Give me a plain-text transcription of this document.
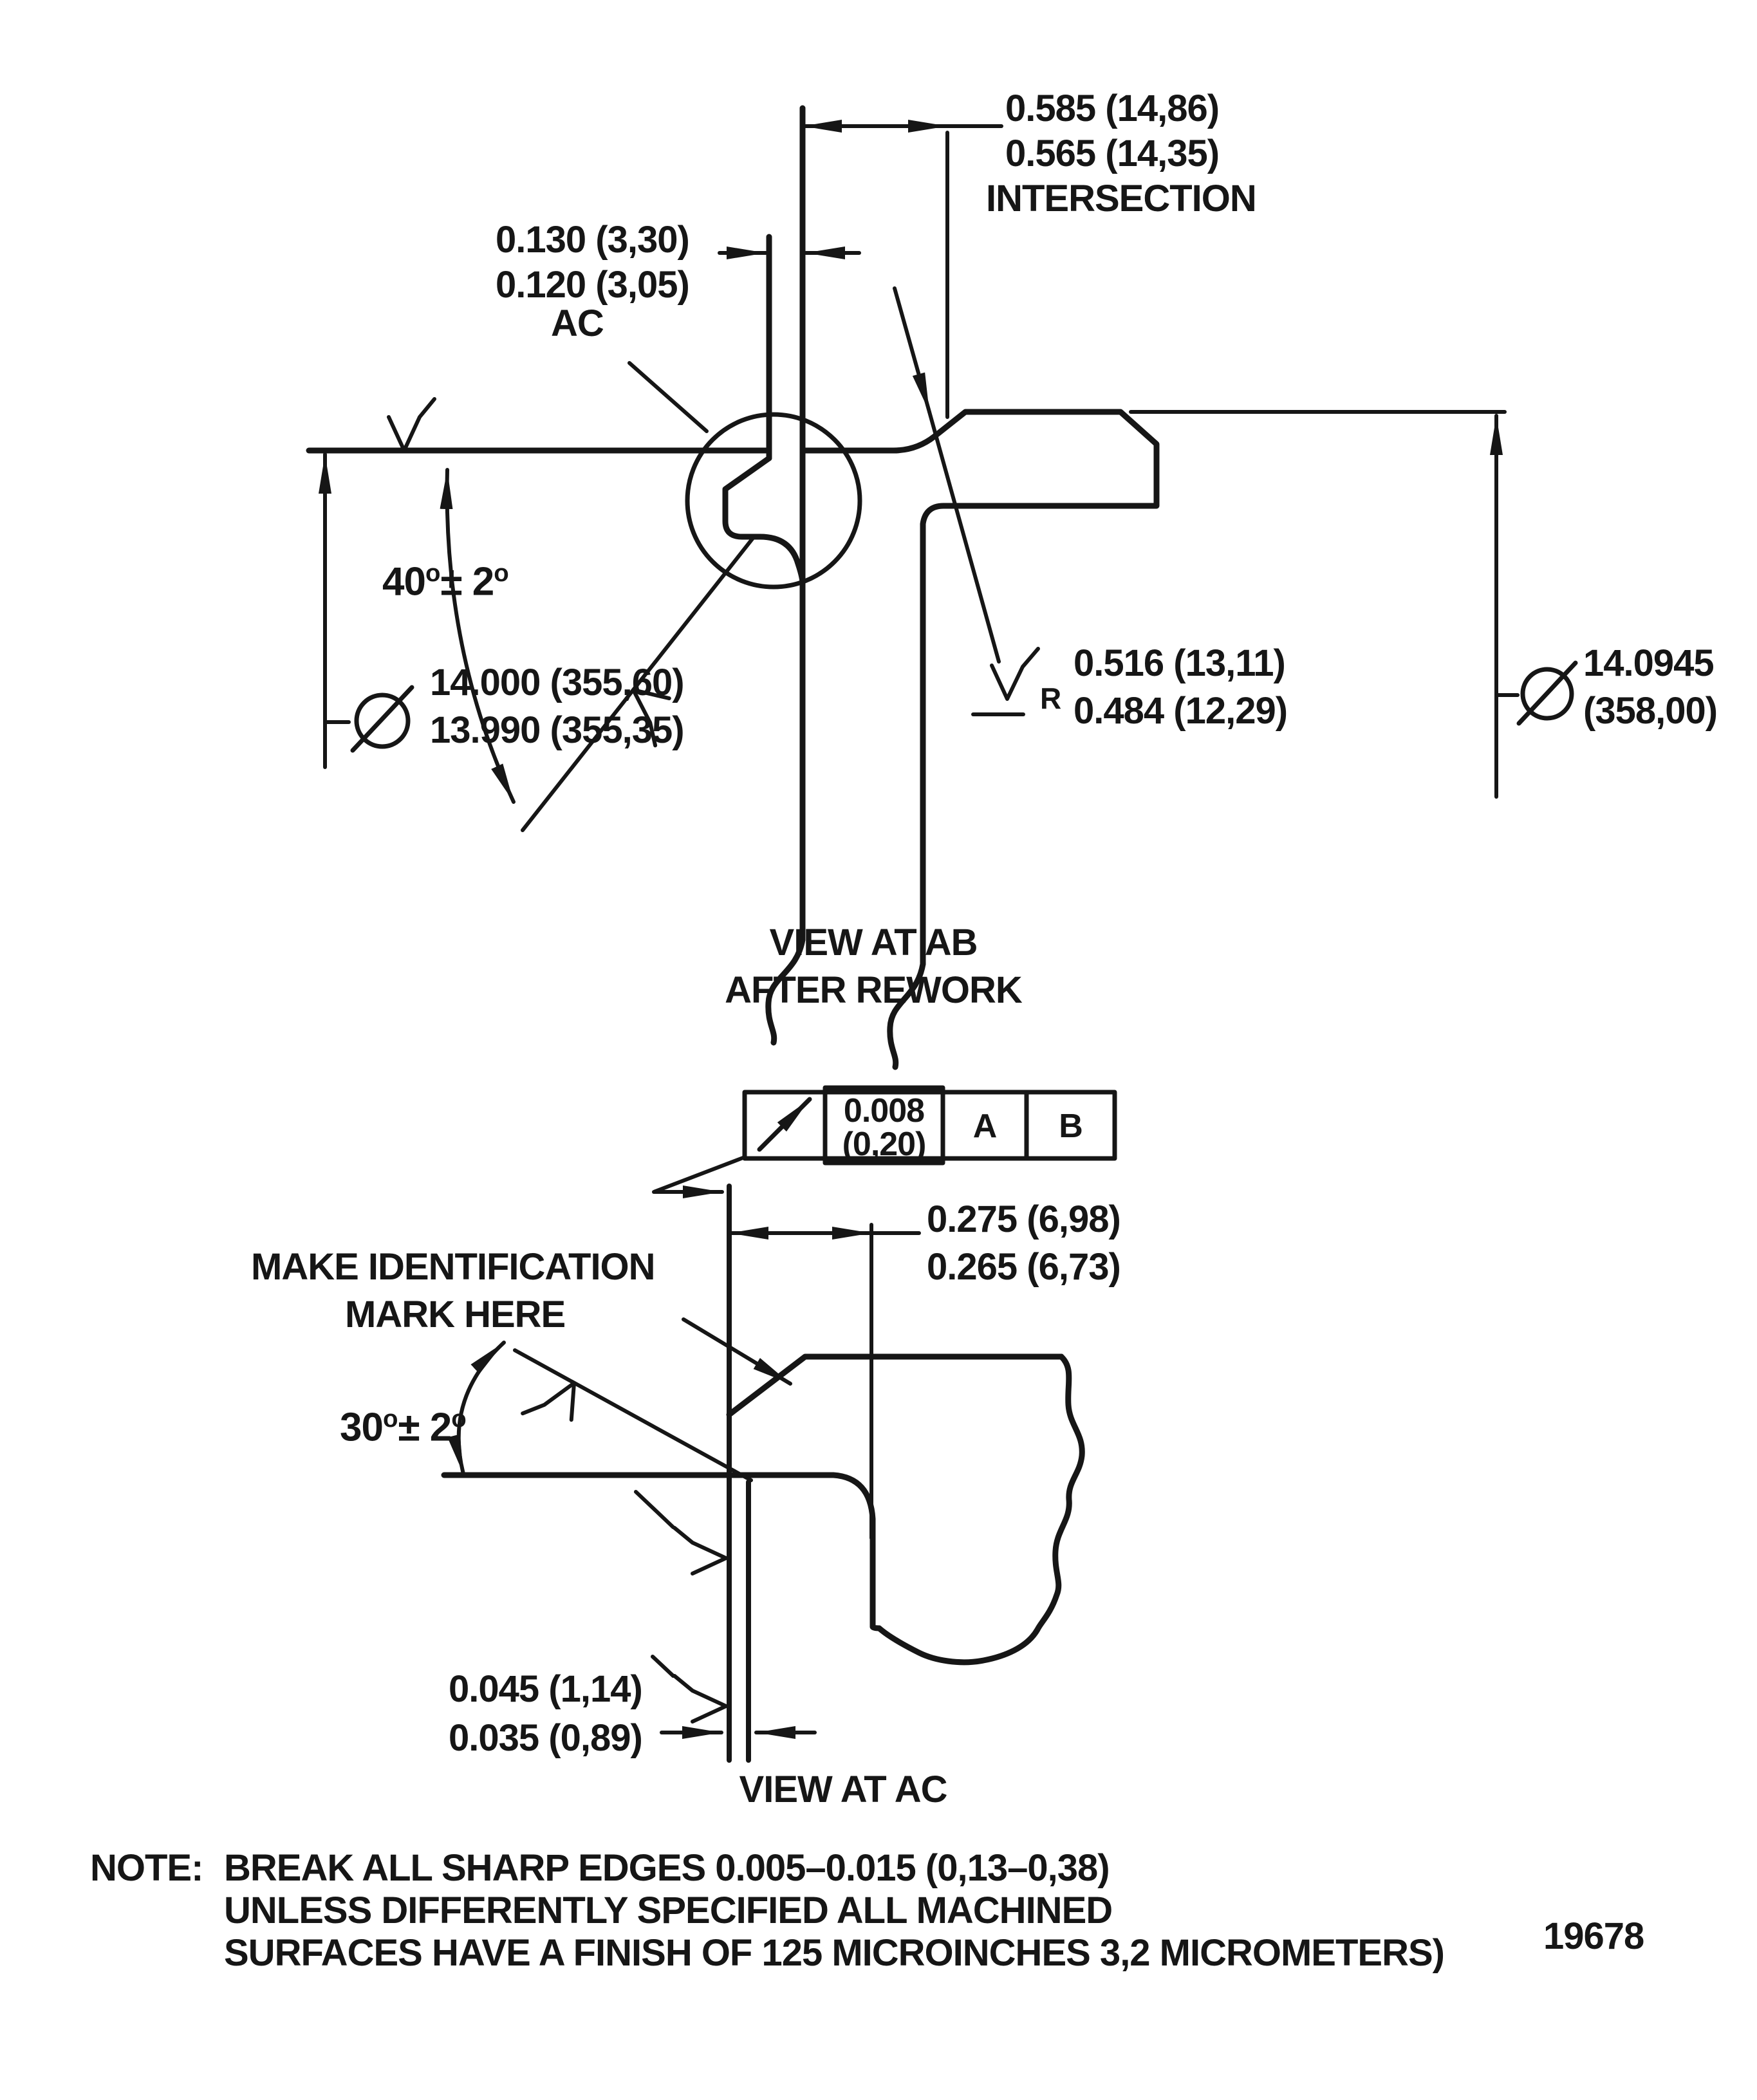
0.585 (14,86)
0.565 (14,35)
INTERSECTION
0.130 (3,30)
0.120 (3,05)
AC
$40^o\pm 2^o$
14.000 (355,60)
13.990 (355,35)
14.0945
(358,00)
R
0.516 (13,11)
0.484 (12,29)
VIEW AT AB
AFTER REWORK
0.008
(0,20)	A	B
MAKE IDENTIFICATION
MARK HERE
0.275 (6,98)
0.265 (6,73)
$30^o\pm 2^o$
0.045 (1,14)
0.035 (0,89)
VIEW AT AC
NOTE: BREAK ALL SHARP EDGES 0.005–0.015 (0,13–0,38)
UNLESS DIFFERENTLY SPECIFIED ALL MACHINED
SURFACES HAVE A FINISH OF 125 MICROINCHES 3,2 MICROMETERS)	19678
